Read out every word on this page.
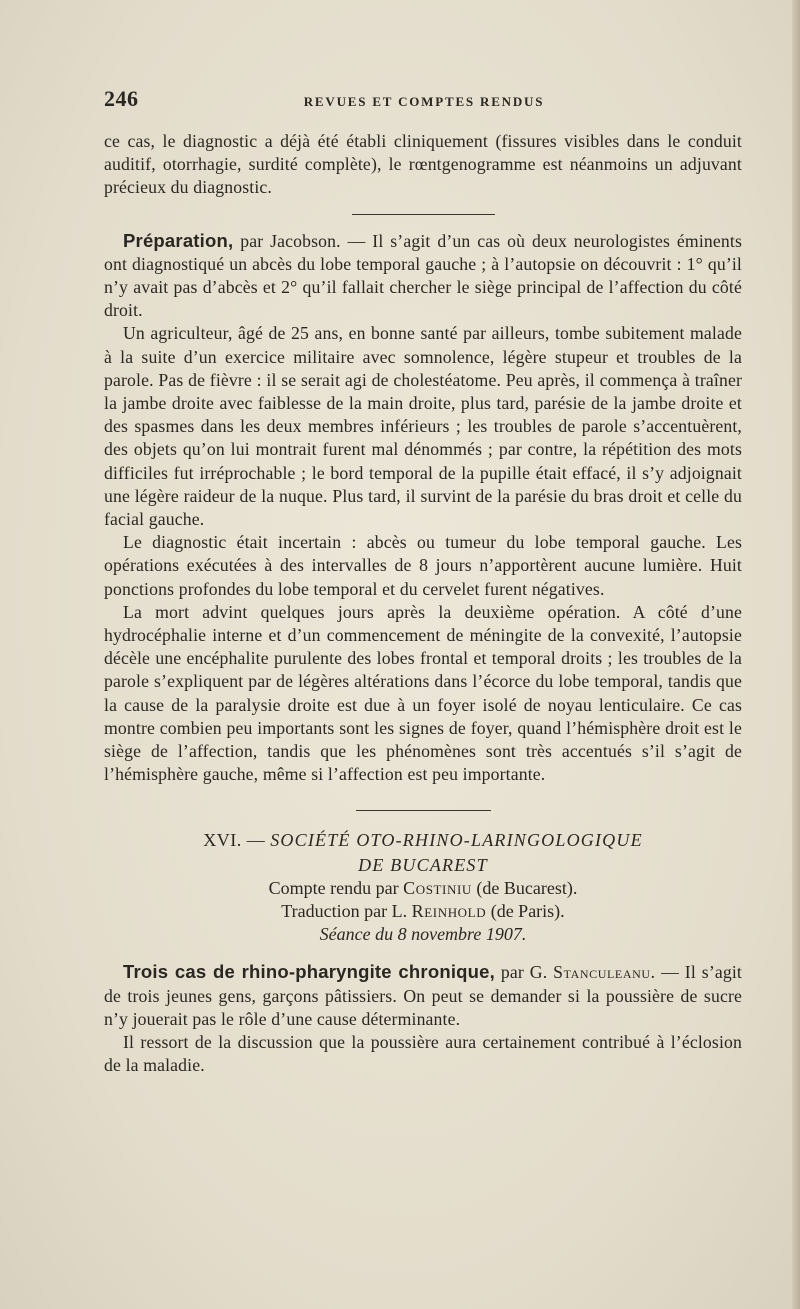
246	REVUES ET COMPTES RENDUS

ce cas, le diagnostic a déjà été établi cliniquement (fissures visibles dans le conduit auditif, otorrhagie, surdité complète), le rœntgenogramme est néanmoins un adjuvant précieux du diagnostic.

Préparation, par Jacobson. — Il s’agit d’un cas où deux neurologistes éminents ont diagnostiqué un abcès du lobe temporal gauche ; à l’autopsie on découvrit : 1° qu’il n’y avait pas d’abcès et 2° qu’il fallait chercher le siège principal de l’affection du côté droit.

Un agriculteur, âgé de 25 ans, en bonne santé par ailleurs, tombe subitement malade à la suite d’un exercice militaire avec somnolence, légère stupeur et troubles de la parole. Pas de fièvre : il se serait agi de cholestéatome. Peu après, il commença à traîner la jambe droite avec faiblesse de la main droite, plus tard, parésie de la jambe droite et des spasmes dans les deux membres inférieurs ; les troubles de parole s’accentuèrent, des objets qu’on lui montrait furent mal dénommés ; par contre, la répétition des mots difficiles fut irréprochable ; le bord temporal de la pupille était effacé, il s’y adjoignait une légère raideur de la nuque. Plus tard, il survint de la parésie du bras droit et celle du facial gauche.

Le diagnostic était incertain : abcès ou tumeur du lobe temporal gauche. Les opérations exécutées à des intervalles de 8 jours n’apportèrent aucune lumière. Huit ponctions profondes du lobe temporal et du cervelet furent négatives.

La mort advint quelques jours après la deuxième opération. A côté d’une hydrocéphalie interne et d’un commencement de méningite de la convexité, l’autopsie décèle une encéphalite purulente des lobes frontal et temporal droits ; les troubles de la parole s’expliquent par de légères altérations dans l’écorce du lobe temporal, tandis que la cause de la paralysie droite est due à un foyer isolé de noyau lenticulaire. Ce cas montre combien peu importants sont les signes de foyer, quand l’hémisphère droit est le siège de l’affection, tandis que les phénomènes sont très accentués s’il s’agit de l’hémisphère gauche, même si l’affection est peu importante.

XVI. — SOCIÉTÉ OTO-RHINO-LARINGOLOGIQUE
DE BUCAREST
Compte rendu par Costiniu (de Bucarest).
Traduction par L. Reinhold (de Paris).
Séance du 8 novembre 1907.

Trois cas de rhino-pharyngite chronique, par G. Stanculeanu. — Il s’agit de trois jeunes gens, garçons pâtissiers. On peut se demander si la poussière de sucre n’y jouerait pas le rôle d’une cause déterminante.

Il ressort de la discussion que la poussière aura certainement contribué à l’éclosion de la maladie.
